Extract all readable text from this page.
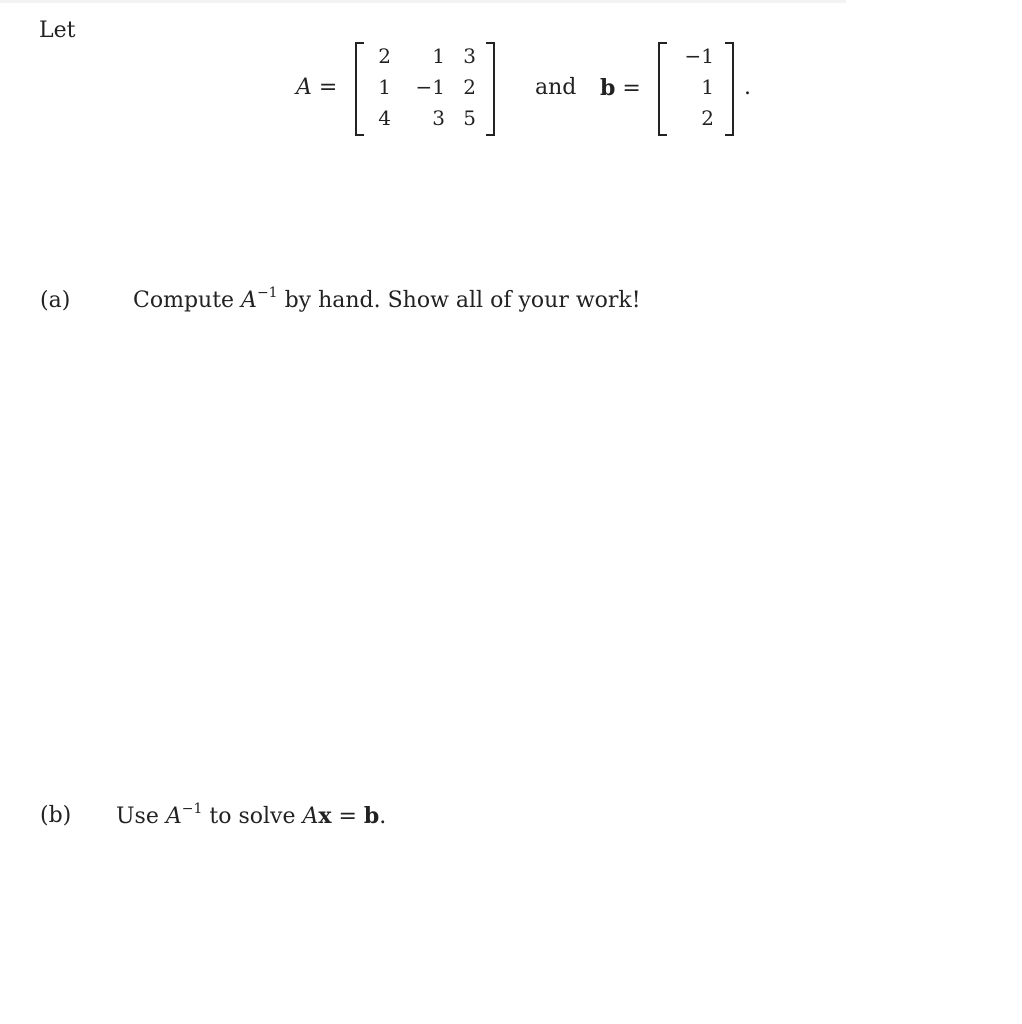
Let
A =
2	1 3
1	−1 2
4	3 5
and b =
−1
1
2
.
(a)	Compute $A^{-1}$ by hand. Show all of your work!
(b) Use $A^{-1}$ to solve Ax = b.
